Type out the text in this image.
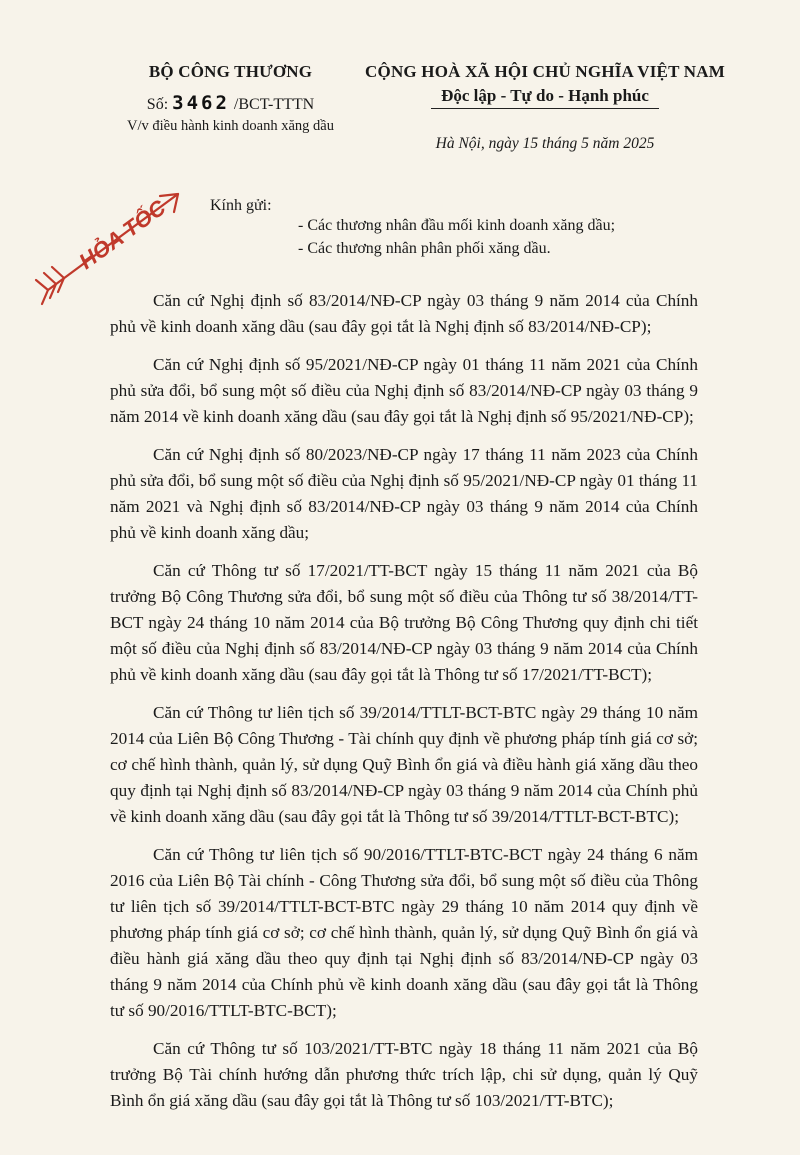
BỘ CÔNG THƯƠNG
Số: 3462 /BCT-TTTN
V/v điều hành kinh doanh xăng dầu
CỘNG HOÀ XÃ HỘI CHỦ NGHĨA VIỆT NAM
Độc lập - Tự do - Hạnh phúc
Hà Nội, ngày 15 tháng 5 năm 2025
HỎA TỐC Kính gửi:
- Các thương nhân đầu mối kinh doanh xăng dầu;
- Các thương nhân phân phối xăng dầu.

Căn cứ Nghị định số 83/2014/NĐ-CP ngày 03 tháng 9 năm 2014 của Chính phủ về kinh doanh xăng dầu (sau đây gọi tắt là Nghị định số 83/2014/NĐ-CP);

Căn cứ Nghị định số 95/2021/NĐ-CP ngày 01 tháng 11 năm 2021 của Chính phủ sửa đổi, bổ sung một số điều của Nghị định số 83/2014/NĐ-CP ngày 03 tháng 9 năm 2014 về kinh doanh xăng dầu (sau đây gọi tắt là Nghị định số 95/2021/NĐ-CP);

Căn cứ Nghị định số 80/2023/NĐ-CP ngày 17 tháng 11 năm 2023 của Chính phủ sửa đổi, bổ sung một số điều của Nghị định số 95/2021/NĐ-CP ngày 01 tháng 11 năm 2021 và Nghị định số 83/2014/NĐ-CP ngày 03 tháng 9 năm 2014 của Chính phủ về kinh doanh xăng dầu;

Căn cứ Thông tư số 17/2021/TT-BCT ngày 15 tháng 11 năm 2021 của Bộ trưởng Bộ Công Thương sửa đổi, bổ sung một số điều của Thông tư số 38/2014/TT-BCT ngày 24 tháng 10 năm 2014 của Bộ trưởng Bộ Công Thương quy định chi tiết một số điều của Nghị định số 83/2014/NĐ-CP ngày 03 tháng 9 năm 2014 của Chính phủ về kinh doanh xăng dầu (sau đây gọi tắt là Thông tư số 17/2021/TT-BCT);

Căn cứ Thông tư liên tịch số 39/2014/TTLT-BCT-BTC ngày 29 tháng 10 năm 2014 của Liên Bộ Công Thương - Tài chính quy định về phương pháp tính giá cơ sở; cơ chế hình thành, quản lý, sử dụng Quỹ Bình ổn giá và điều hành giá xăng dầu theo quy định tại Nghị định số 83/2014/NĐ-CP ngày 03 tháng 9 năm 2014 của Chính phủ về kinh doanh xăng dầu (sau đây gọi tắt là Thông tư số 39/2014/TTLT-BCT-BTC);

Căn cứ Thông tư liên tịch số 90/2016/TTLT-BTC-BCT ngày 24 tháng 6 năm 2016 của Liên Bộ Tài chính - Công Thương sửa đổi, bổ sung một số điều của Thông tư liên tịch số 39/2014/TTLT-BCT-BTC ngày 29 tháng 10 năm 2014 quy định về phương pháp tính giá cơ sở; cơ chế hình thành, quản lý, sử dụng Quỹ Bình ổn giá và điều hành giá xăng dầu theo quy định tại Nghị định số 83/2014/NĐ-CP ngày 03 tháng 9 năm 2014 của Chính phủ về kinh doanh xăng dầu (sau đây gọi tắt là Thông tư số 90/2016/TTLT-BTC-BCT);

Căn cứ Thông tư số 103/2021/TT-BTC ngày 18 tháng 11 năm 2021 của Bộ trưởng Bộ Tài chính hướng dẫn phương thức trích lập, chi sử dụng, quản lý Quỹ Bình ổn giá xăng dầu (sau đây gọi tắt là Thông tư số 103/2021/TT-BTC);
